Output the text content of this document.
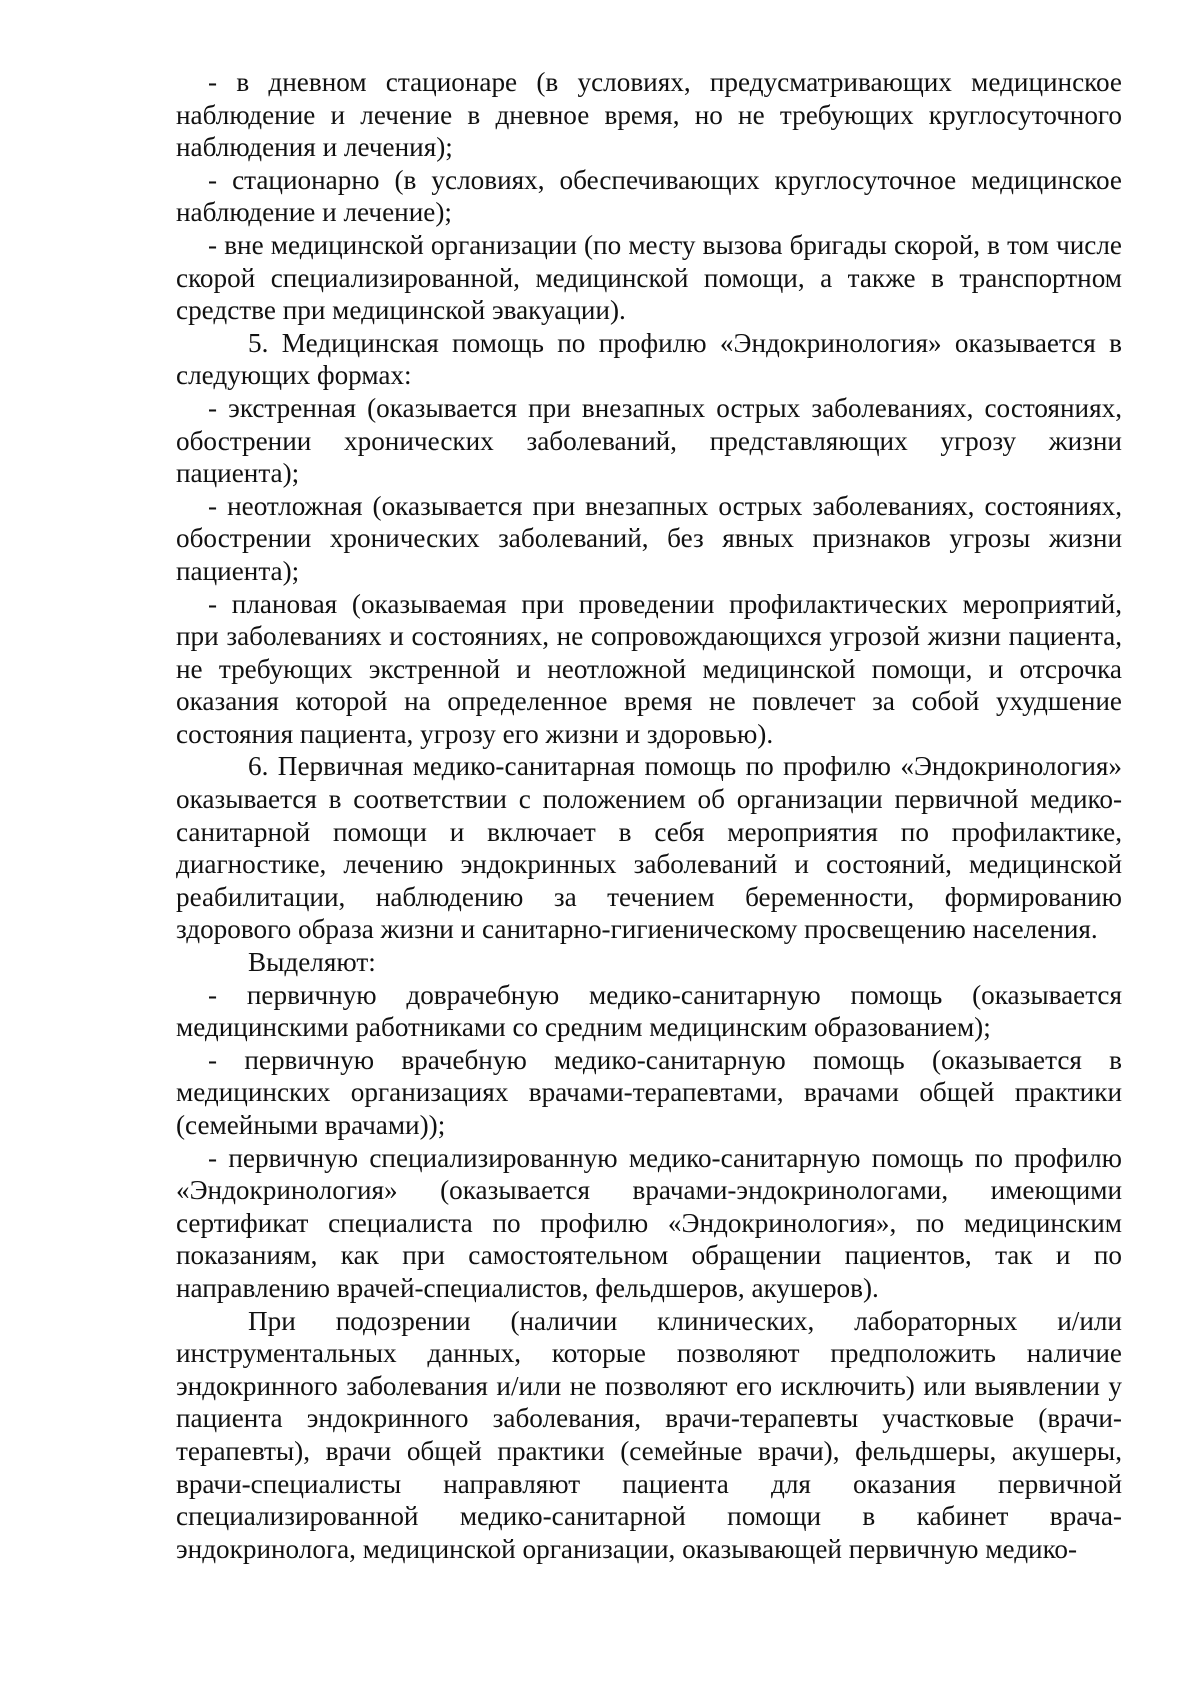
- в дневном стационаре (в условиях, предусматривающих медицинское наблюдение и лечение в дневное время, но не требующих круглосуточного наблюдения и лечения);

- стационарно (в условиях, обеспечивающих круглосуточное медицинское наблюдение и лечение);

- вне медицинской организации (по месту вызова бригады скорой, в том числе скорой специализированной, медицинской помощи, а также в транспортном средстве при медицинской эвакуации).

5. Медицинская помощь по профилю «Эндокринология» оказывается в следующих формах:

- экстренная (оказывается при внезапных острых заболеваниях, состояниях, обострении хронических заболеваний, представляющих угрозу жизни пациента);

- неотложная (оказывается при внезапных острых заболеваниях, состояниях, обострении хронических заболеваний, без явных признаков угрозы жизни пациента);

- плановая (оказываемая при проведении профилактических мероприятий, при заболеваниях и состояниях, не сопровождающихся угрозой жизни пациента, не требующих экстренной и неотложной медицинской помощи, и отсрочка оказания которой на определенное время не повлечет за собой ухудшение состояния пациента, угрозу его жизни и здоровью).

6. Первичная медико-санитарная помощь по профилю «Эндокринология» оказывается в соответствии с положением об организации первичной медико-санитарной помощи и включает в себя мероприятия по профилактике, диагностике, лечению эндокринных заболеваний и состояний, медицинской реабилитации, наблюдению за течением беременности, формированию здорового образа жизни и санитарно-гигиеническому просвещению населения.

Выделяют:

- первичную доврачебную медико-санитарную помощь (оказывается медицинскими работниками со средним медицинским образованием);

- первичную врачебную медико-санитарную помощь (оказывается в медицинских организациях врачами-терапевтами, врачами общей практики (семейными врачами));

- первичную специализированную медико-санитарную помощь по профилю «Эндокринология» (оказывается врачами-эндокринологами, имеющими сертификат специалиста по профилю «Эндокринология», по медицинским показаниям, как при самостоятельном обращении пациентов, так и по направлению врачей-специалистов, фельдшеров, акушеров).

При подозрении (наличии клинических, лабораторных и/или инструментальных данных, которые позволяют предположить наличие эндокринного заболевания и/или не позволяют его исключить) или выявлении у пациента эндокринного заболевания, врачи-терапевты участковые (врачи-терапевты), врачи общей практики (семейные врачи), фельдшеры, акушеры, врачи-специалисты направляют пациента для оказания первичной специализированной медико-санитарной помощи в кабинет врача-эндокринолога, медицинской организации, оказывающей первичную медико-
